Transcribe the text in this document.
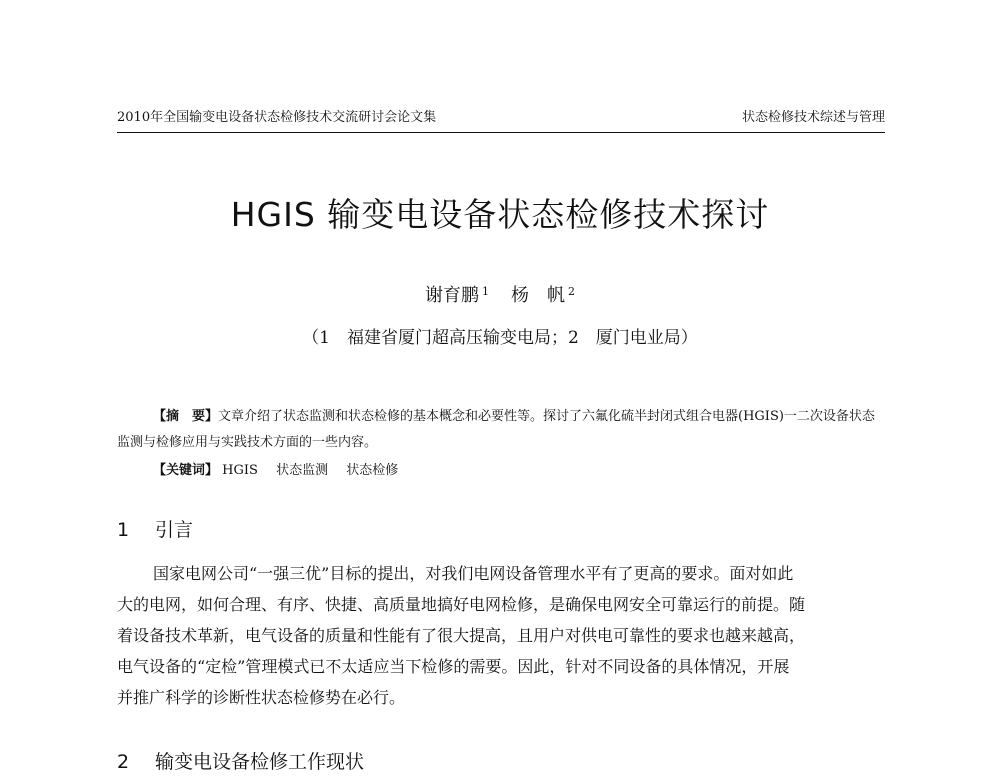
2010年全国输变电设备状态检修技术交流研讨会论文集	状态检修技术综述与管理
HGIS 输变电设备状态检修技术探讨
谢育鹏 $^1$ 杨　帆 $^2$
（1　福建省厦门超高压输变电局；2　厦门电业局）
【摘　要】文章介绍了状态监测和状态检修的基本概念和必要性等。探讨了六氟化硫半封闭式组合电器(HGIS)一二次设备状态监测与检修应用与实践技术方面的一些内容。
【关键词】 HGIS 状态监测 状态检修
1 引言
国家电网公司“一强三优”目标的提出，对我们电网设备管理水平有了更高的要求。面对如此
大的电网，如何合理、有序、快捷、高质量地搞好电网检修，是确保电网安全可靠运行的前提。随
着设备技术革新，电气设备的质量和性能有了很大提高，且用户对供电可靠性的要求也越来越高，
电气设备的“定检”管理模式已不太适应当下检修的需要。因此，针对不同设备的具体情况，开展
并推广科学的诊断性状态检修势在必行。
2 输变电设备检修工作现状
